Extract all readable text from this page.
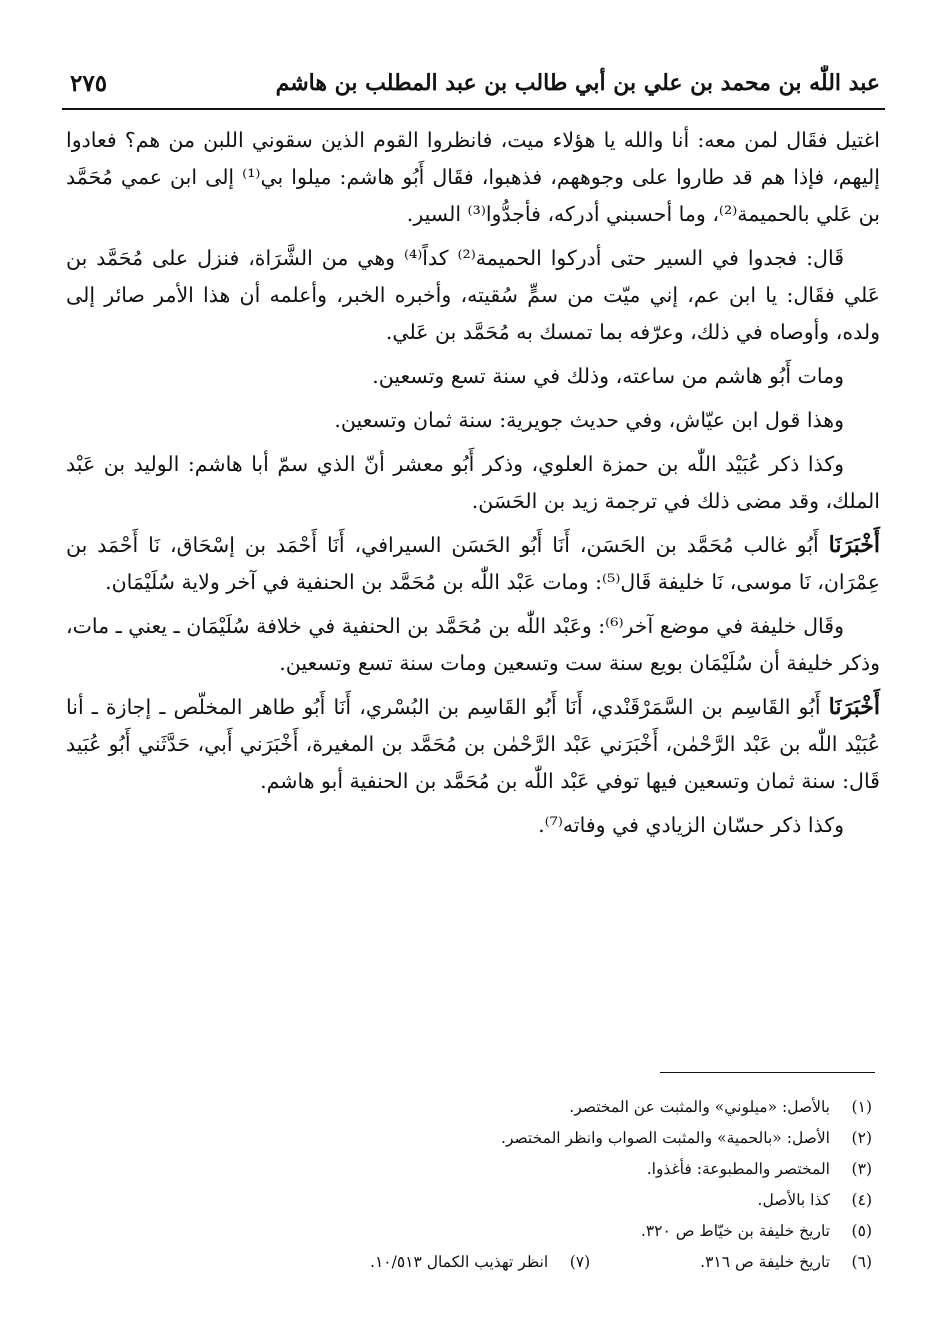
عبد اللّٰه بن محمد بن علي بن أبي طالب بن عبد المطلب بن هاشم
٢٧٥

اغتيل فقَال لمن معه: أنا والله يا هؤلاء ميت، فانظروا القوم الذين سقوني اللبن من هم؟ فعادوا إليهم، فإذا هم قد طاروا على وجوههم، فذهبوا، فقَال أَبُو هاشم: ميلوا بي⁽¹⁾ إلى ابن عمي مُحَمَّد بن عَلي بالحميمة⁽²⁾، وما أحسبني أدركه، فأجدُّوا⁽³⁾ السير.

قَال: فجدوا في السير حتى أدركوا الحميمة⁽²⁾ كداً⁽⁴⁾ وهي من الشَّرَاة، فنزل على مُحَمَّد بن عَلي فقَال: يا ابن عم، إني ميّت من سمٍّ سُقيته، وأخبره الخبر، وأعلمه أن هذا الأمر صائر إلى ولده، وأوصاه في ذلك، وعرّفه بما تمسك به مُحَمَّد بن عَلي.

ومات أَبُو هاشم من ساعته، وذلك في سنة تسع وتسعين.

وهذا قول ابن عيّاش، وفي حديث جويرية: سنة ثمان وتسعين.

وكذا ذكر عُبَيْد اللّٰه بن حمزة العلوي، وذكر أَبُو معشر أنّ الذي سمّ أبا هاشم: الوليد بن عَبْد الملك، وقد مضى ذلك في ترجمة زيد بن الحَسَن.

أَخْبَرَنَا أَبُو غالب مُحَمَّد بن الحَسَن، أَنَا أَبُو الحَسَن السيرافي، أَنَا أَحْمَد بن إسْحَاق، نَا أَحْمَد بن عِمْرَان، نَا موسى، نَا خليفة قَال⁽⁵⁾: ومات عَبْد اللّٰه بن مُحَمَّد بن الحنفية في آخر ولاية سُلَيْمَان.

وقَال خليفة في موضع آخر⁽⁶⁾: وعَبْد اللّٰه بن مُحَمَّد بن الحنفية في خلافة سُلَيْمَان ـ يعني ـ مات، وذكر خليفة أن سُلَيْمَان بويع سنة ست وتسعين ومات سنة تسع وتسعين.

أَخْبَرَنَا أَبُو القَاسِم بن السَّمَرْقَنْدي، أَنَا أَبُو القَاسِم بن البُسْري، أَنَا أَبُو طاهر المخلّص ـ إجازة ـ أنا عُبَيْد اللّٰه بن عَبْد الرَّحْمٰن، أَخْبَرَني عَبْد الرَّحْمٰن بن مُحَمَّد بن المغيرة، أَخْبَرَني أَبي، حَدَّثَني أَبُو عُبَيد قَال: سنة ثمان وتسعين فيها توفي عَبْد اللّٰه بن مُحَمَّد بن الحنفية أبو هاشم.

وكذا ذكر حسّان الزيادي في وفاته⁽⁷⁾.

(١)
بالأصل: «ميلوني» والمثبت عن المختصر.
(٢)
الأصل: «بالحمية» والمثبت الصواب وانظر المختصر.
(٣)
المختصر والمطبوعة: فأغذوا.
(٤)
كذا بالأصل.
(٥)
تاريخ خليفة بن خيّاط ص ٣٢٠.
(٦)
تاريخ خليفة ص ٣١٦.
(٧)
انظر تهذيب الكمال ١٠/٥١٣.
